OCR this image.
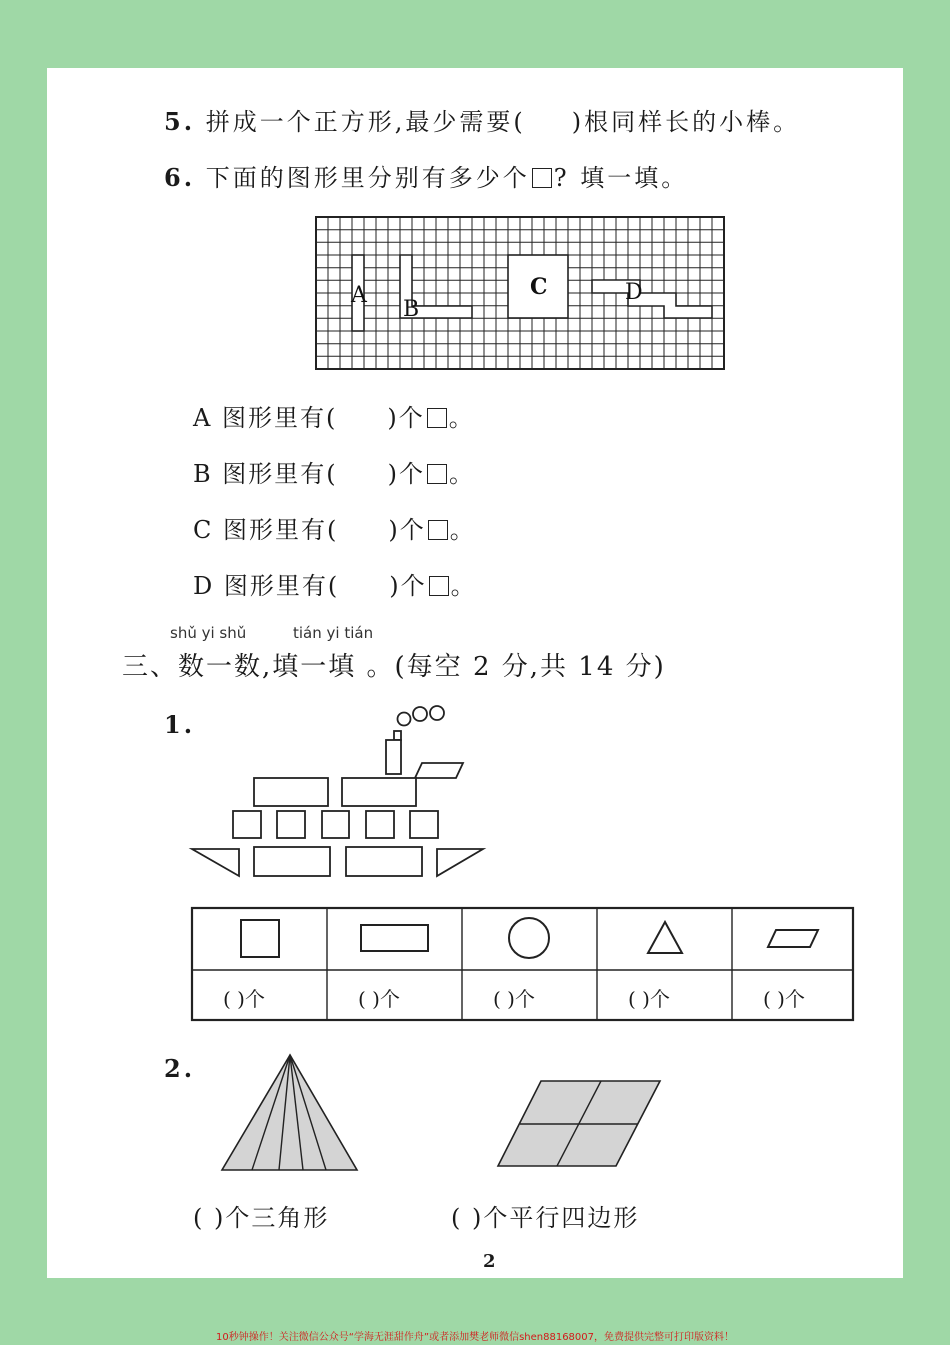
5. 拼成一个正方形,最少需要( )根同样长的小棒。
6. 下面的图形里分别有多少个 ? 填一填。
A
B
C	D
A 图形里有( )个 。
B 图形里有( )个 。
C 图形里有( )个 。
D 图形里有( )个 。
shǔ yi shǔ	tián yi tián
三、数一数,填一填 。(每空 2 分,共 14 分)
1.
( )个	( )个	( )个	( )个	( )个
2.
( )个三角形	( )个平行四边形
2
10秒钟操作！关注微信公众号“学海无涯甜作舟”或者添加樊老师微信shen88168007，免费提供完整可打印版资料！
